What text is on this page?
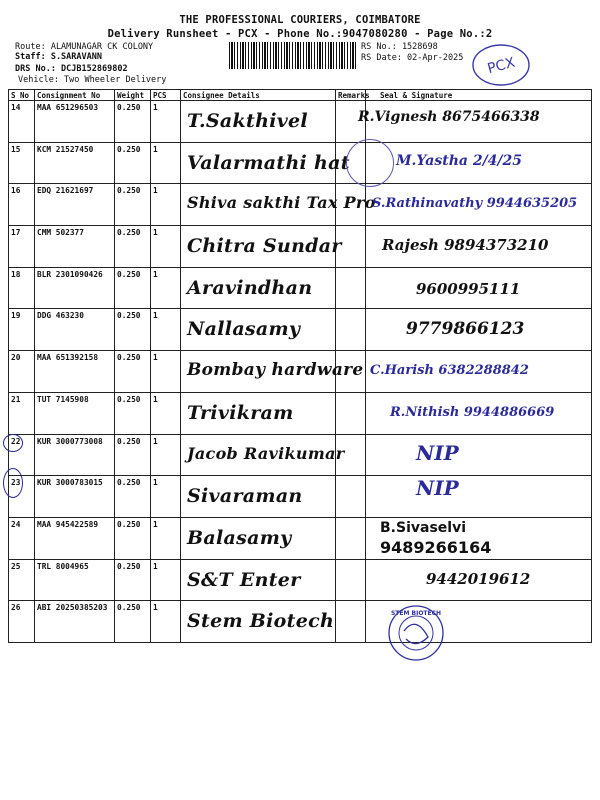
THE PROFESSIONAL COURIERS, COIMBATORE
Delivery Runsheet - PCX - Phone No.:9047080280 - Page No.:2
Route: ALAMUNAGAR CK COLONY
Staff: S.SARAVANN
DRS No.: DCJB152869802
Vehicle: Two Wheeler Delivery
RS No.: 1528698
RS Date: 02-Apr-2025 PCX
S No	Consignment No	Weight	PCS	Consignee Details	Remarks	Seal & Signature
14	MAA 651296503	0.250	1	T.Sakthivel		R.Vignesh 8675466338

15	KCM 21527450	0.250	1	Valarmathi hat		M.Yastha 2/4/25

16	EDQ 21621697	0.250	1	Shiva sakthi Tax Pro		S.Rathinavathy 9944635205

17	CMM 502377	0.250	1	Chitra Sundar		Rajesh 9894373210

18	BLR 2301090426	0.250	1	Aravindhan		9600995111

19	DDG 463230	0.250	1	Nallasamy		9779866123

20	MAA 651392158	0.250	1	Bombay hardware		C.Harish 6382288842

21	TUT 7145908	0.250	1	Trivikram		R.Nithish 9944886669

22	KUR 3000773008	0.250	1	Jacob Ravikumar		NIP

23	KUR 3000783015	0.250	1	Sivaraman		NIP

24	MAA 945422589	0.250	1	Balasamy		B.Sivaselvi
9489266164

25	TRL 8004965	0.250	1	S&T Enter		9442019612

26	ABI 20250385203	0.250	1	Stem Biotech		STEM BIOTECH
